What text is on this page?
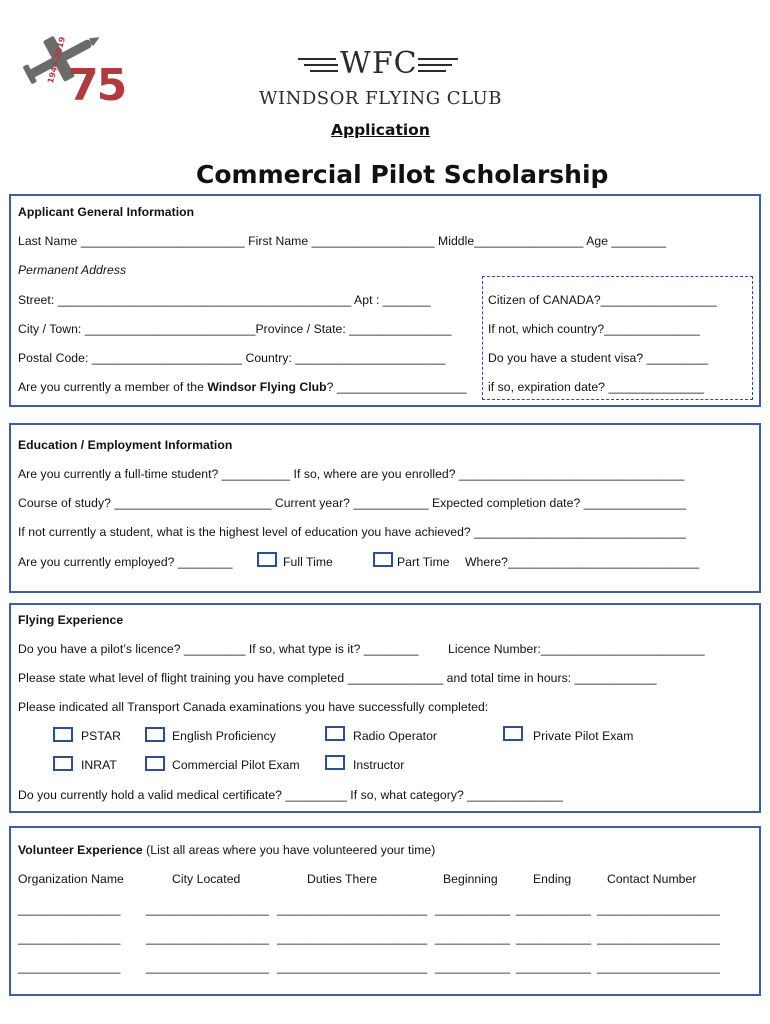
75
1944-2019	WFC
WINDSOR FLYING CLUB
Application
Commercial Pilot Scholarship
Applicant General Information
Last Name ________________________ First Name __________________ Middle________________ Age ________
Permanent Address
Street: ___________________________________________ Apt : _______
City / Town: _________________________Province / State: _______________
Postal Code: ______________________ Country: ______________________
Are you currently a member of the Windsor Flying Club? ___________________
Citizen of CANADA?_________________
If not, which country?______________
Do you have a student visa? _________
if so, expiration date? ______________
Education / Employment Information
Are you currently a full-time student? __________ If so, where are you enrolled? _________________________________
Course of study? _______________________ Current year? ___________ Expected completion date? _______________
If not currently a student, what is the highest level of education you have achieved? _______________________________
Are you currently employed? ________	Full Time	Part Time Where?____________________________
Flying Experience
Do you have a pilot’s licence? _________ If so, what type is it? ________ Licence Number:________________________
Please state what level of flight training you have completed ______________ and total time in hours: ____________
Please indicated all Transport Canada examinations you have successfully completed:
PSTAR	English Proficiency	Radio Operator	Private Pilot Exam
INRAT	Commercial Pilot Exam	Instructor
Do you currently hold a valid medical certificate? _________ If so, what category? ______________
Volunteer Experience (List all areas where you have volunteered your time)
Organization Name	City Located	Duties There	Beginning	Ending	Contact Number
_______________ __________________ ______________________ ___________ ___________ __________________
_______________ __________________ ______________________ ___________ ___________ __________________
_______________ __________________ ______________________ ___________ ___________ __________________
